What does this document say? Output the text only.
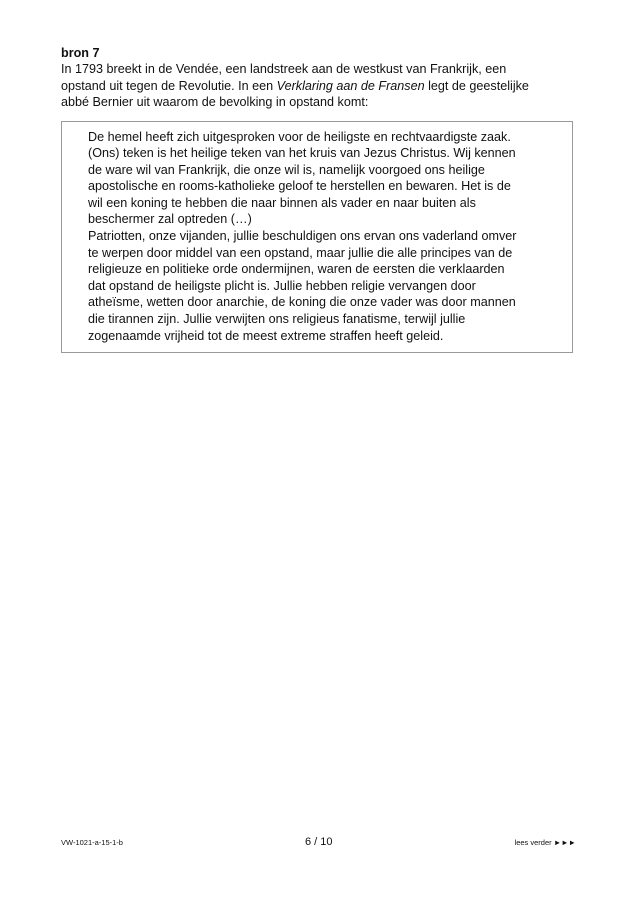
bron 7

In 1793 breekt in de Vendée, een landstreek aan de westkust van Frankrijk, een
opstand uit tegen de Revolutie. In een Verklaring aan de Fransen legt de geestelijke
abbé Bernier uit waarom de bevolking in opstand komt:

De hemel heeft zich uitgesproken voor de heiligste en rechtvaardigste zaak.
(Ons) teken is het heilige teken van het kruis van Jezus Christus. Wij kennen
de ware wil van Frankrijk, die onze wil is, namelijk voorgoed ons heilige
apostolische en rooms-katholieke geloof te herstellen en bewaren. Het is de
wil een koning te hebben die naar binnen als vader en naar buiten als
beschermer zal optreden (…)
Patriotten, onze vijanden, jullie beschuldigen ons ervan ons vaderland omver
te werpen door middel van een opstand, maar jullie die alle principes van de
religieuze en politieke orde ondermijnen, waren de eersten die verklaarden
dat opstand de heiligste plicht is. Jullie hebben religie vervangen door
atheïsme, wetten door anarchie, de koning die onze vader was door mannen
die tirannen zijn. Jullie verwijten ons religieus fanatisme, terwijl jullie
zogenaamde vrijheid tot de meest extreme straffen heeft geleid.
VW-1021-a-15-1-b	6 / 10	lees verder ►►►
